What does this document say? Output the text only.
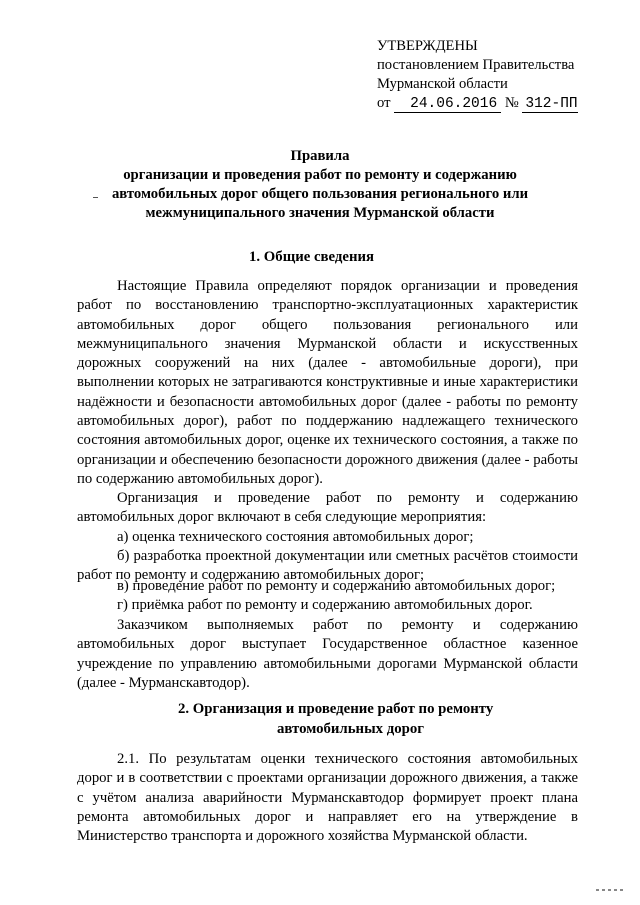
УТВЕРЖДЕНЫ
постановлением Правительства
Мурманской области
от 24.06.2016 № 312-ПП
Правила
организации и проведения работ по ремонту и содержанию
автомобильных дорог общего пользования регионального или
межмуниципального значения Мурманской области
1. Общие сведения
Настоящие Правила определяют порядок организации и проведения работ по восстановлению транспортно-эксплуатационных характеристик автомобильных дорог общего пользования регионального или межмуниципального значения Мурманской области и искусственных дорожных сооружений на них (далее - автомобильные дороги), при выполнении которых не затрагиваются конструктивные и иные характеристики надёжности и безопасности автомобильных дорог (далее - работы по ремонту автомобильных дорог), работ по поддержанию надлежащего технического состояния автомобильных дорог, оценке их технического состояния, а также по организации и обеспечению безопасности дорожного движения (далее - работы по содержанию автомобильных дорог).
Организация и проведение работ по ремонту и содержанию автомобильных дорог включают в себя следующие мероприятия:
а) оценка технического состояния автомобильных дорог;
б) разработка проектной документации или сметных расчётов стоимости работ по ремонту и содержанию автомобильных дорог;
в) проведение работ по ремонту и содержанию автомобильных дорог;
г) приёмка работ по ремонту и содержанию автомобильных дорог.
Заказчиком выполняемых работ по ремонту и содержанию автомобильных дорог выступает Государственное областное казенное учреждение по управлению автомобильными дорогами Мурманской области (далее - Мурманскавтодор).
2. Организация и проведение работ по ремонту
автомобильных дорог
2.1. По результатам оценки технического состояния автомобильных дорог и в соответствии с проектами организации дорожного движения, а также с учётом анализа аварийности Мурманскавтодор формирует проект плана ремонта автомобильных дорог и направляет его на утверждение в Министерство транспорта и дорожного хозяйства Мурманской области.
